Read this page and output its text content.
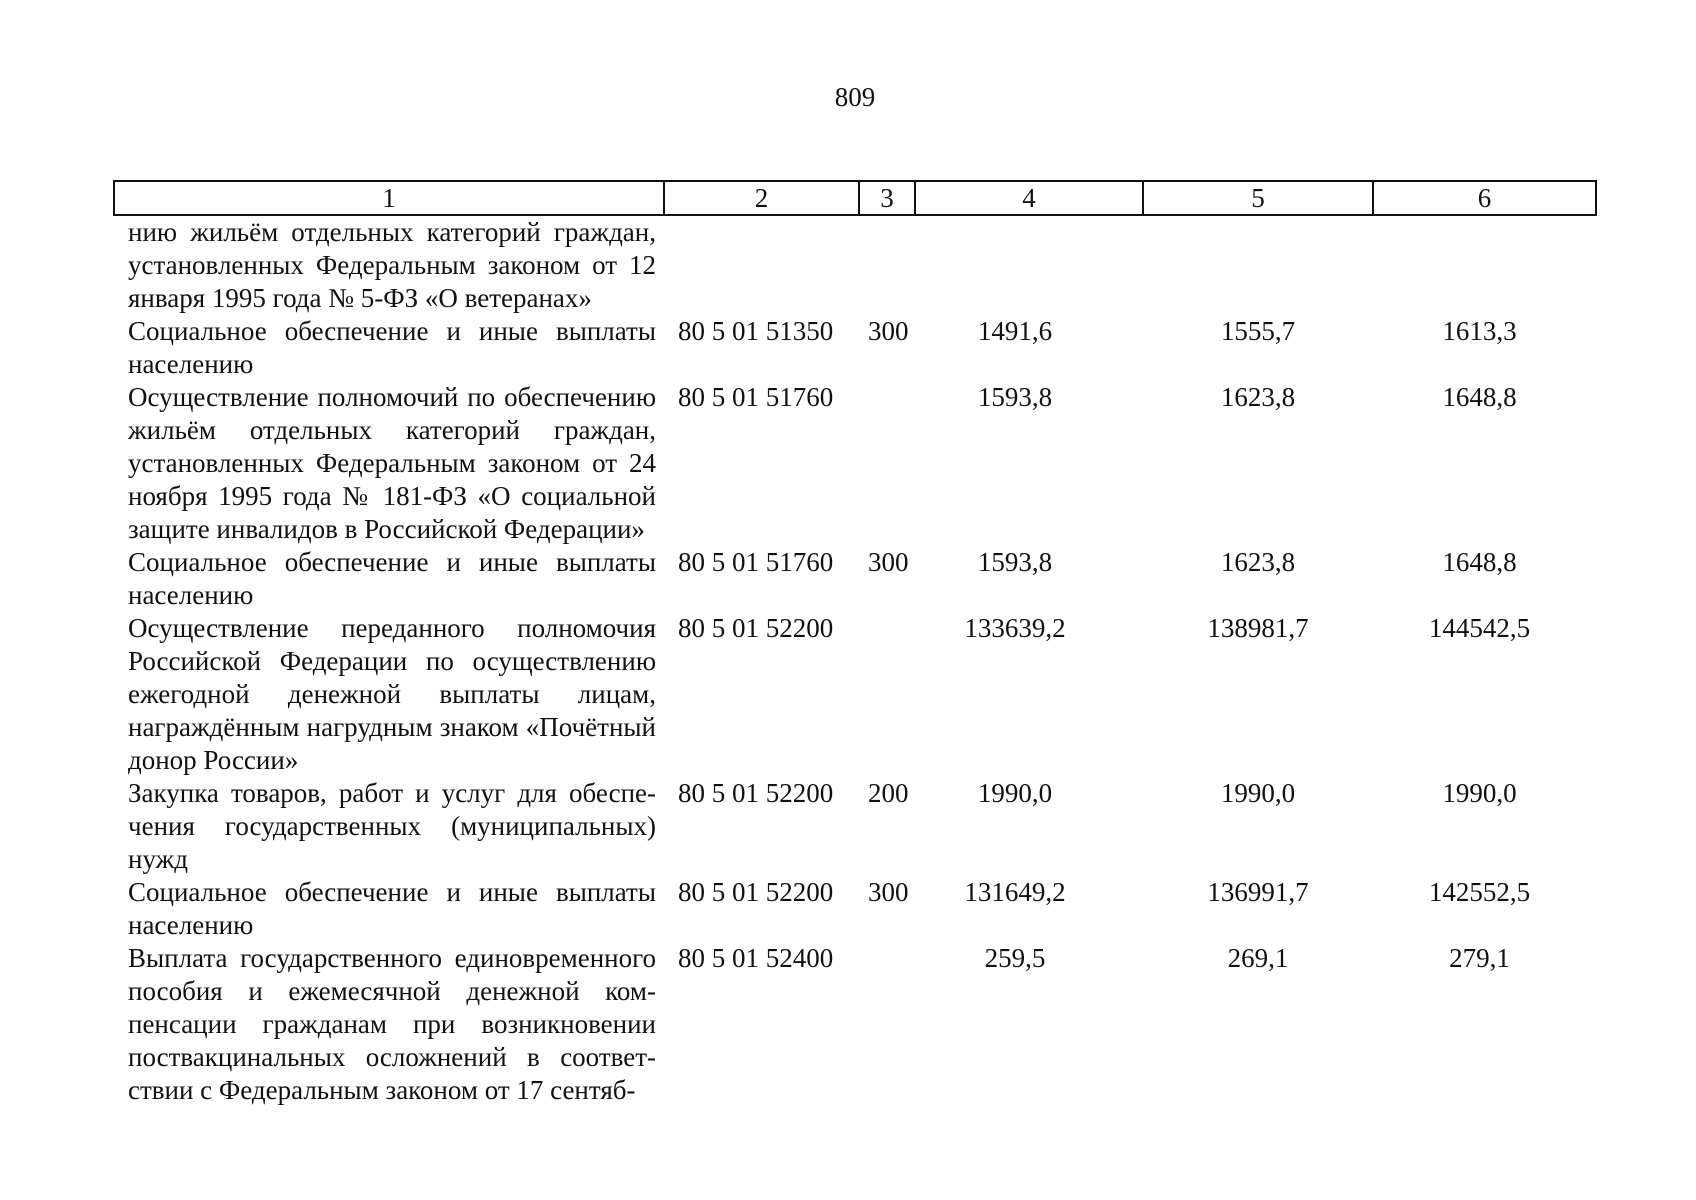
809
1	2	3	4	5	6
нию жильём отдельных категорий граждан, установленных Федеральным законом от 12 января 1995 года № 5-ФЗ «О ветеранах»					
Социальное обеспечение и иные выплаты населению	80 5 01 51350	300	1491,6	1555,7	1613,3
Осуществление полномочий по обеспечению жильём отдельных категорий граждан, установленных Федеральным законом от 24 ноября 1995 года № 181-ФЗ «О социальной защите инвалидов в Российской Федерации»	80 5 01 51760		1593,8	1623,8	1648,8
Социальное обеспечение и иные выплаты населению	80 5 01 51760	300	1593,8	1623,8	1648,8
Осуществление переданного полномочия Российской Федерации по осуществлению ежегодной денежной выплаты лицам, награждённым нагрудным знаком «Почётный донор России»	80 5 01 52200		133639,2	138981,7	144542,5
Закупка товаров, работ и услуг для обеспечения государственных (муниципальных) нужд	80 5 01 52200	200	1990,0	1990,0	1990,0
Социальное обеспечение и иные выплаты населению	80 5 01 52200	300	131649,2	136991,7	142552,5
Выплата государственного единовременного пособия и ежемесячной денежной компенсации гражданам при возникновении поствакцинальных осложнений в соответствии с Федеральным законом от 17 сентяб-	80 5 01 52400		259,5	269,1	279,1
